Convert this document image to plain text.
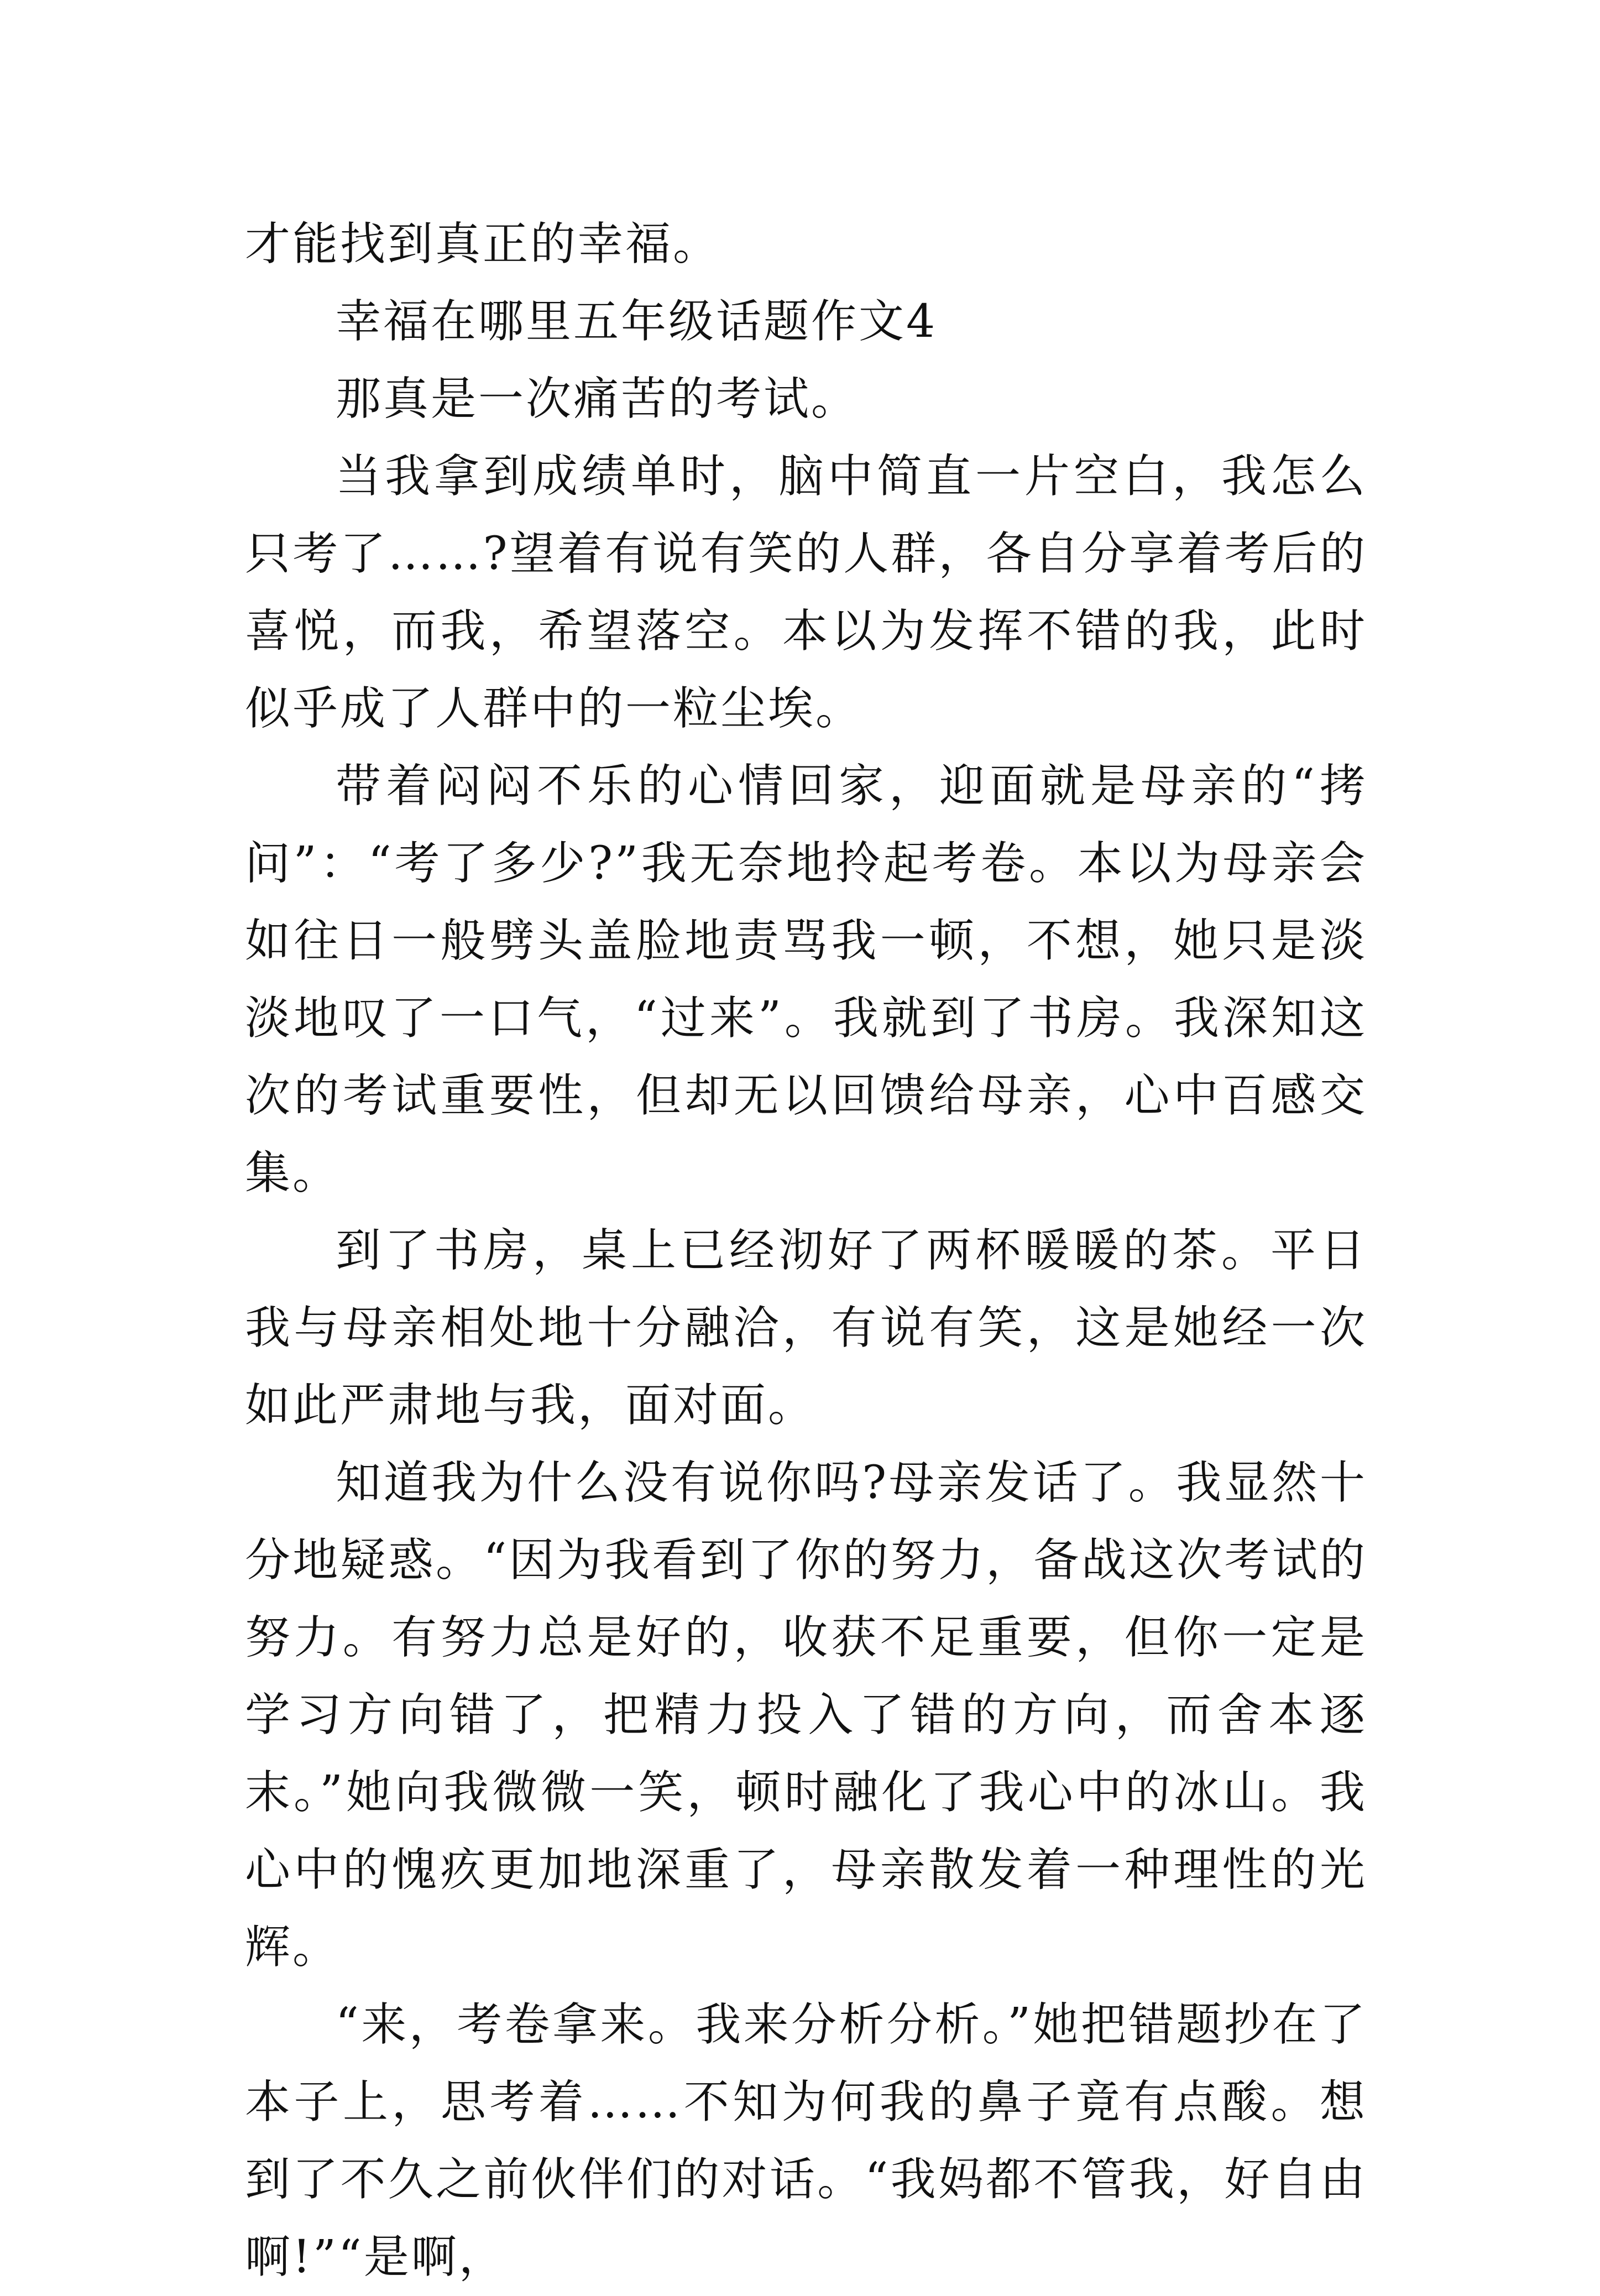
才能找到真正的幸福。

幸福在哪里五年级话题作文4

那真是一次痛苦的考试。

当我拿到成绩单时，脑中简直一片空白，我怎么只考了……?望着有说有笑的人群，各自分享着考后的喜悦，而我，希望落空。本以为发挥不错的我，此时似乎成了人群中的一粒尘埃。

带着闷闷不乐的心情回家，迎面就是母亲的“拷问”：“考了多少?”我无奈地拎起考卷。本以为母亲会如往日一般劈头盖脸地责骂我一顿，不想，她只是淡淡地叹了一口气，“过来”。我就到了书房。我深知这次的考试重要性，但却无以回馈给母亲，心中百感交集。

到了书房，桌上已经沏好了两杯暖暖的茶。平日我与母亲相处地十分融洽，有说有笑，这是她经一次如此严肃地与我，面对面。

知道我为什么没有说你吗?母亲发话了。我显然十分地疑惑。“因为我看到了你的努力，备战这次考试的努力。有努力总是好的，收获不足重要，但你一定是学习方向错了，把精力投入了错的方向，而舍本逐末。”她向我微微一笑，顿时融化了我心中的冰山。我心中的愧疚更加地深重了，母亲散发着一种理性的光辉。

“来，考卷拿来。我来分析分析。”她把错题抄在了本子上，思考着……不知为何我的鼻子竟有点酸。想到了不久之前伙伴们的对话。“我妈都不管我，好自由啊!”“是啊，
